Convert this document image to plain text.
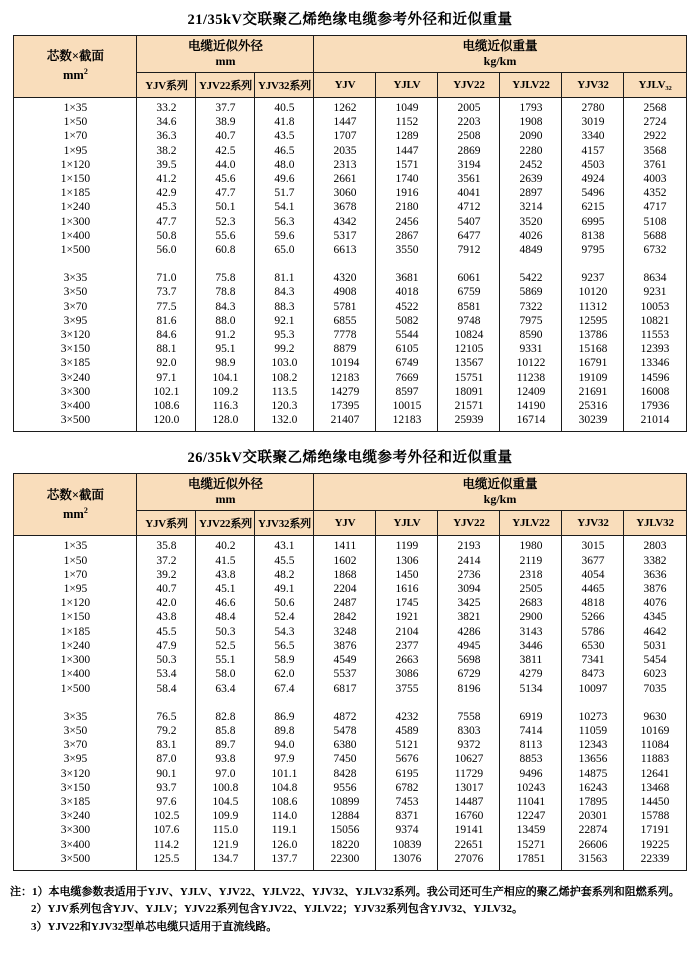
21/35kV交联聚乙烯绝缘电缆参考外径和近似重量
芯数×截面
$mm^2$

电缆近似外径
mm

电缆近似重量
kg/km

	YJV系列	YJV22系列	YJV32系列	YJV	YJLV	YJV22	YJLV22	YJV32	YJLV₃₂
1×35	33.2	37.7	40.5	1262	1049	2005	1793	2780	2568
1×50	34.6	38.9	41.8	1447	1152	2203	1908	3019	2724
1×70	36.3	40.7	43.5	1707	1289	2508	2090	3340	2922
1×95	38.2	42.5	46.5	2035	1447	2869	2280	4157	3568
1×120	39.5	44.0	48.0	2313	1571	3194	2452	4503	3761
1×150	41.2	45.6	49.6	2661	1740	3561	2639	4924	4003
1×185	42.9	47.7	51.7	3060	1916	4041	2897	5496	4352
1×240	45.3	50.1	54.1	3678	2180	4712	3214	6215	4717
1×300	47.7	52.3	56.3	4342	2456	5407	3520	6995	5108
1×400	50.8	55.6	59.6	5317	2867	6477	4026	8138	5688
1×500	56.0	60.8	65.0	6613	3550	7912	4849	9795	6732

3×35	71.0	75.8	81.1	4320	3681	6061	5422	9237	8634
3×50	73.7	78.8	84.3	4908	4018	6759	5869	10120	9231
3×70	77.5	84.3	88.3	5781	4522	8581	7322	11312	10053
3×95	81.6	88.0	92.1	6855	5082	9748	7975	12595	10821
3×120	84.6	91.2	95.3	7778	5544	10824	8590	13786	11553
3×150	88.1	95.1	99.2	8879	6105	12105	9331	15168	12393
3×185	92.0	98.9	103.0	10194	6749	13567	10122	16791	13346
3×240	97.1	104.1	108.2	12183	7669	15751	11238	19109	14596
3×300	102.1	109.2	113.5	14279	8597	18091	12409	21691	16008
3×400	108.6	116.3	120.3	17395	10015	21571	14190	25316	17936
3×500	120.0	128.0	132.0	21407	12183	25939	16714	30239	21014
26/35kV交联聚乙烯绝缘电缆参考外径和近似重量
芯数×截面
$mm^2$

电缆近似外径
mm

电缆近似重量
kg/km

	YJV系列	YJV22系列	YJV32系列	YJV	YJLV	YJV22	YJLV22	YJV32	YJLV32
1×35	35.8	40.2	43.1	1411	1199	2193	1980	3015	2803
1×50	37.2	41.5	45.5	1602	1306	2414	2119	3677	3382
1×70	39.2	43.8	48.2	1868	1450	2736	2318	4054	3636
1×95	40.7	45.1	49.1	2204	1616	3094	2505	4465	3876
1×120	42.0	46.6	50.6	2487	1745	3425	2683	4818	4076
1×150	43.8	48.4	52.4	2842	1921	3821	2900	5266	4345
1×185	45.5	50.3	54.3	3248	2104	4286	3143	5786	4642
1×240	47.9	52.5	56.5	3876	2377	4945	3446	6530	5031
1×300	50.3	55.1	58.9	4549	2663	5698	3811	7341	5454
1×400	53.4	58.0	62.0	5537	3086	6729	4279	8473	6023
1×500	58.4	63.4	67.4	6817	3755	8196	5134	10097	7035

3×35	76.5	82.8	86.9	4872	4232	7558	6919	10273	9630
3×50	79.2	85.8	89.8	5478	4589	8303	7414	11059	10169
3×70	83.1	89.7	94.0	6380	5121	9372	8113	12343	11084
3×95	87.0	93.8	97.9	7450	5676	10627	8853	13656	11883
3×120	90.1	97.0	101.1	8428	6195	11729	9496	14875	12641
3×150	93.7	100.8	104.8	9556	6782	13017	10243	16243	13468
3×185	97.6	104.5	108.6	10899	7453	14487	11041	17895	14450
3×240	102.5	109.9	114.0	12884	8371	16760	12247	20301	15788
3×300	107.6	115.0	119.1	15056	9374	19141	13459	22874	17191
3×400	114.2	121.9	126.0	18220	10839	22651	15271	26606	19225
3×500	125.5	134.7	137.7	22300	13076	27076	17851	31563	22339
注：1）本电缆参数表适用于YJV、YJLV、YJV22、YJLV22、YJV32、YJLV32系列。我公司还可生产相应的聚乙烯护套系列和阻燃系列。
2）YJV系列包含YJV、YJLV；YJV22系列包含YJV22、YJLV22；YJV32系列包含YJV32、YJLV32。
3）YJV22和YJV32型单芯电缆只适用于直流线路。
